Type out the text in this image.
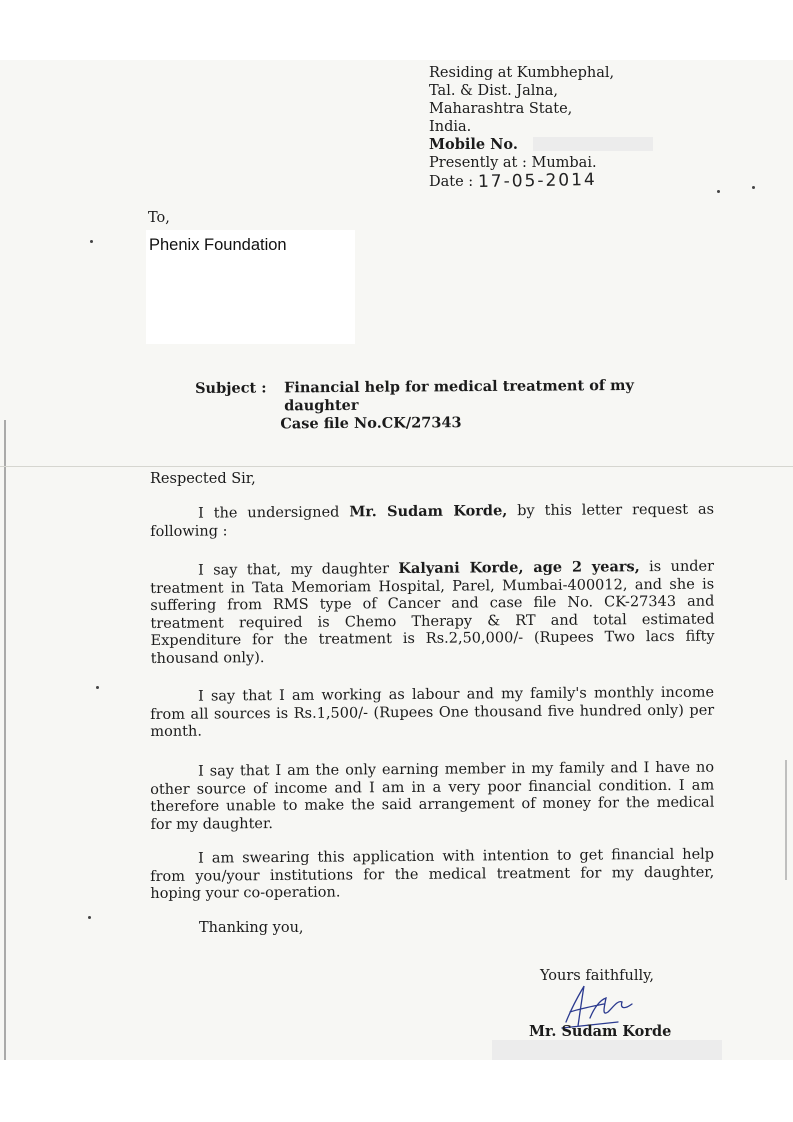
Residing at Kumbhephal,
Tal. & Dist. Jalna,
Maharashtra State,
India.
Mobile No.
Presently at : Mumbai.
Date : 17-05-2014
To,
Phenix Foundation
Subject : Financial help for medical treatment of my
daughter
Case file No.CK/27343
Respected Sir,
I the undersigned Mr. Sudam Korde, by this letter request as following :
I say that, my daughter Kalyani Korde, age 2 years, is under treatment in Tata Memoriam Hospital, Parel, Mumbai-400012, and she is suffering from RMS type of Cancer and case file No. CK-27343 and treatment required is Chemo Therapy & RT and total estimated Expenditure for the treatment is Rs.2,50,000/- (Rupees Two lacs fifty thousand only).
I say that I am working as labour and my family's monthly income from all sources is Rs.1,500/- (Rupees One thousand five hundred only) per month.
I say that I am the only earning member in my family and I have no other source of income and I am in a very poor financial condition. I am therefore unable to make the said arrangement of money for the medical for my daughter.
I am swearing this application with intention to get financial help from you/your institutions for the medical treatment for my daughter, hoping your co-operation.
Thanking you,
Yours faithfully,
Mr. Sudam Korde
